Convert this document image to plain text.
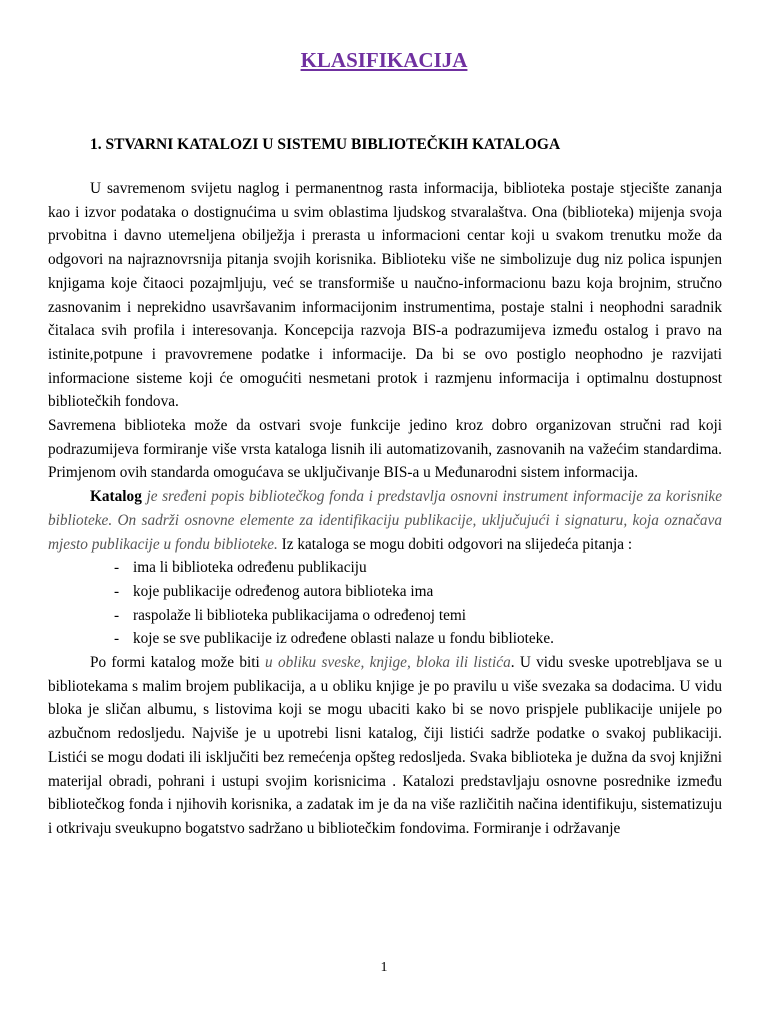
KLASIFIKACIJA
1. STVARNI KATALOZI U SISTEMU BIBLIOTEČKIH KATALOGA

U savremenom svijetu naglog i permanentnog rasta informacija, biblioteka postaje stjecište zananja kao i izvor podataka o dostignućima u svim oblastima ljudskog stvaralaštva. Ona (biblioteka) mijenja svoja prvobitna i davno utemeljena obilježja i prerasta u informacioni centar koji u svakom trenutku može da odgovori na najraznovrsnija pitanja svojih korisnika. Biblioteku više ne simbolizuje dug niz polica ispunjen knjigama koje čitaoci pozajmljuju, već se transformiše u naučno-informacionu bazu koja brojnim, stručno zasnovanim i neprekidno usavršavanim informacijonim instrumentima, postaje stalni i neophodni saradnik čitalaca svih profila i interesovanja. Koncepcija razvoja BIS-a podrazumijeva između ostalog i pravo na istinite,potpune i pravovremene podatke i informacije. Da bi se ovo postiglo neophodno je razvijati informacione sisteme koji će omogućiti nesmetani protok i razmjenu informacija i optimalnu dostupnost bibliotečkih fondova.

Savremena biblioteka može da ostvari svoje funkcije jedino kroz dobro organizovan stručni rad koji podrazumijeva formiranje više vrsta kataloga lisnih ili automatizovanih, zasnovanih na važećim standardima. Primjenom ovih standarda omogućava se uključivanje BIS-a u Međunarodni sistem informacija.

Katalog je sređeni popis bibliotečkog fonda i predstavlja osnovni instrument informacije za korisnike biblioteke. On sadrži osnovne elemente za identifikaciju publikacije, uključujući i signaturu, koja označava mjesto publikacije u fondu biblioteke. Iz kataloga se mogu dobiti odgovori na slijedeća pitanja :

- ima li biblioteka određenu publikaciju
- koje publikacije određenog autora biblioteka ima
- raspolaže li biblioteka publikacijama o određenoj temi
- koje se sve publikacije iz određene oblasti nalaze u fondu biblioteke.

Po formi katalog može biti u obliku sveske, knjige, bloka ili listića. U vidu sveske upotrebljava se u bibliotekama s malim brojem publikacija, a u obliku knjige je po pravilu u više svezaka sa dodacima. U vidu bloka je sličan albumu, s listovima koji se mogu ubaciti kako bi se novo prispjele publikacije unijele po azbučnom redosljedu. Najviše je u upotrebi lisni katalog, čiji listići sadrže podatke o svakoj publikaciji. Listići se mogu dodati ili isključiti bez remećenja opšteg redosljeda. Svaka biblioteka je dužna da svoj knjižni materijal obradi, pohrani i ustupi svojim korisnicima . Katalozi predstavljaju osnovne posrednike između bibliotečkog fonda i njihovih korisnika, a zadatak im je da na više različitih načina identifikuju, sistematizuju i otkrivaju sveukupno bogatstvo sadržano u bibliotečkim fondovima. Formiranje i održavanje

1
